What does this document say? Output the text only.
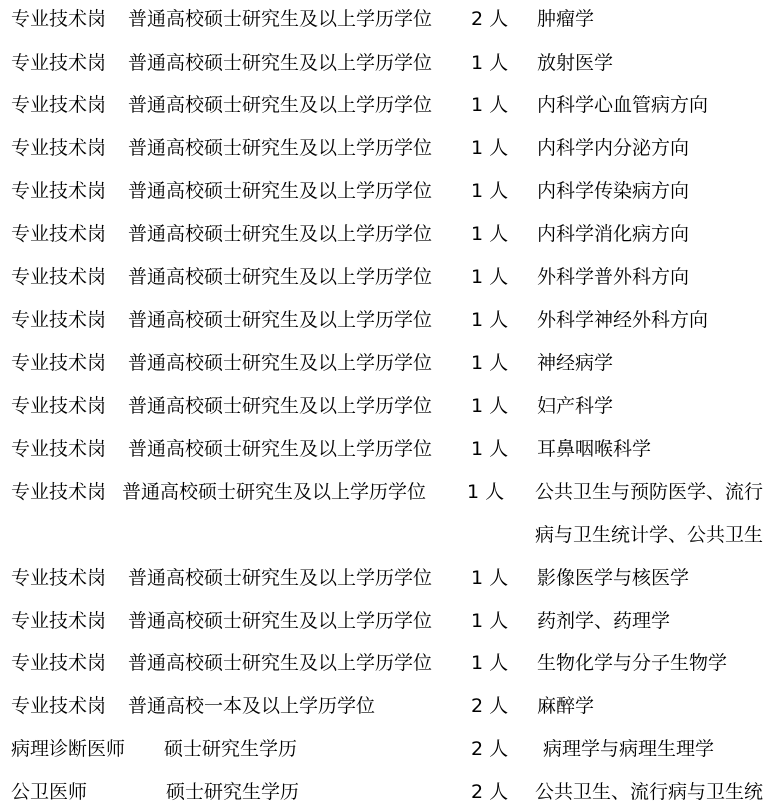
专业技术岗 普通高校硕士研究生及以上学历学位 2 人 肿瘤学
专业技术岗 普通高校硕士研究生及以上学历学位 1 人 放射医学
专业技术岗 普通高校硕士研究生及以上学历学位 1 人 内科学心血管病方向
专业技术岗 普通高校硕士研究生及以上学历学位 1 人 内科学内分泌方向
专业技术岗 普通高校硕士研究生及以上学历学位 1 人 内科学传染病方向
专业技术岗 普通高校硕士研究生及以上学历学位 1 人 内科学消化病方向
专业技术岗 普通高校硕士研究生及以上学历学位 1 人 外科学普外科方向
专业技术岗 普通高校硕士研究生及以上学历学位 1 人 外科学神经外科方向
专业技术岗 普通高校硕士研究生及以上学历学位 1 人 神经病学
专业技术岗 普通高校硕士研究生及以上学历学位 1 人 妇产科学
专业技术岗 普通高校硕士研究生及以上学历学位 1 人 耳鼻咽喉科学
专业技术岗 普通高校硕士研究生及以上学历学位 1 人 公共卫生与预防医学、流行
病与卫生统计学、公共卫生
专业技术岗 普通高校硕士研究生及以上学历学位 1 人 影像医学与核医学
专业技术岗 普通高校硕士研究生及以上学历学位 1 人 药剂学、药理学
专业技术岗 普通高校硕士研究生及以上学历学位 1 人 生物化学与分子生物学
专业技术岗 普通高校一本及以上学历学位	2 人 麻醉学
病理诊断医师 硕士研究生学历	2 人 病理学与病理生理学
公卫医师	硕士研究生学历	2 人 公共卫生、流行病与卫生统
